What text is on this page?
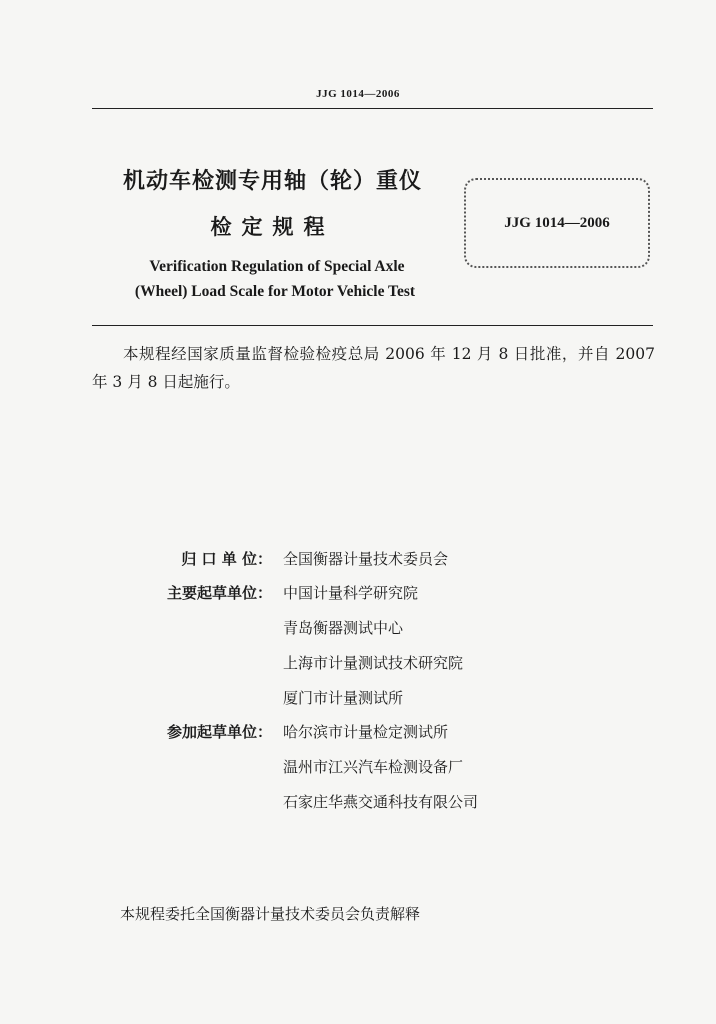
JJG 1014—2006
机动车检测专用轴（轮）重仪
检定规程
Verification Regulation of Special Axle
(Wheel) Load Scale for Motor Vehicle Test
JJG 1014—2006
本规程经国家质量监督检验检疫总局 2006 年 12 月 8 日批准，并自 2007 年 3 月 8 日起施行。
归 口 单 位： 全国衡器计量技术委员会
主要起草单位： 中国计量科学研究院
青岛衡器测试中心
上海市计量测试技术研究院
厦门市计量测试所
参加起草单位： 哈尔滨市计量检定测试所
温州市江兴汽车检测设备厂
石家庄华燕交通科技有限公司
本规程委托全国衡器计量技术委员会负责解释
